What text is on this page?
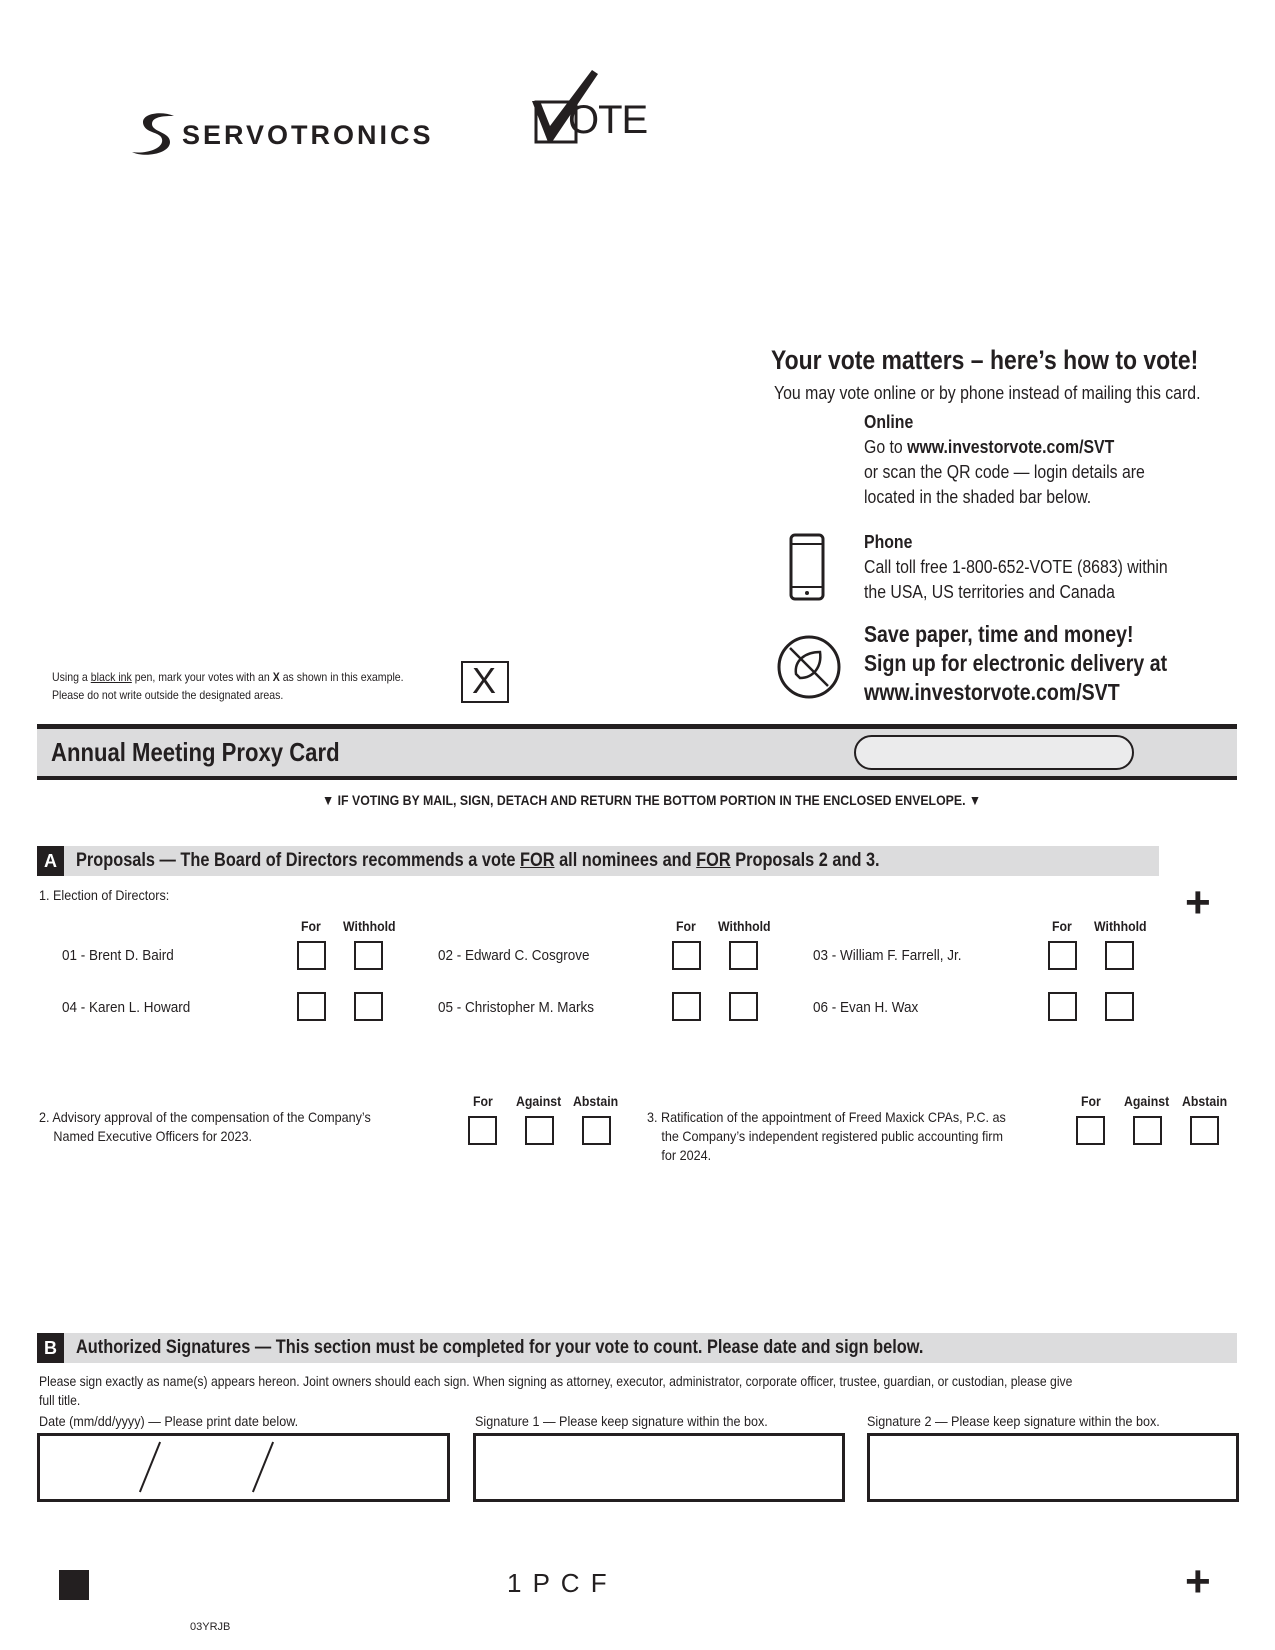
SERVOTRONICS	OTE
Your vote matters – here’s how to vote!
You may vote online or by phone instead of mailing this card.
Online
Go to www.investorvote.com/SVT
or scan the QR code — login details are
located in the shaded bar below.
Phone
Call toll free 1-800-652-VOTE (8683) within
the USA, US territories and Canada
Save paper, time and money!
Sign up for electronic delivery at
www.investorvote.com/SVT
Using a black ink pen, mark your votes with an X as shown in this example.
Please do not write outside the designated areas.	X
Annual Meeting Proxy Card
▼ IF VOTING BY MAIL, SIGN, DETACH AND RETURN THE BOTTOM PORTION IN THE ENCLOSED ENVELOPE. ▼
A	Proposals — The Board of Directors recommends a vote FOR all nominees and FOR Proposals 2 and 3.
+
1. Election of Directors:
For Withhold	For Withhold	For Withhold
01 - Brent D. Baird	02 - Edward C. Cosgrove	03 - William F. Farrell, Jr.
04 - Karen L. Howard	05 - Christopher M. Marks	06 - Evan H. Wax
2. Advisory approval of the compensation of the Company’s
Named Executive Officers for 2023.
For Against Abstain
3. Ratification of the appointment of Freed Maxick CPAs, P.C. as
the Company’s independent registered public accounting firm
for 2024.
For Against Abstain
B	Authorized Signatures — This section must be completed for your vote to count. Please date and sign below.
Please sign exactly as name(s) appears hereon. Joint owners should each sign. When signing as attorney, executor, administrator, corporate officer, trustee, guardian, or custodian, please give
full title.
Date (mm/dd/yyyy) — Please print date below.	Signature 1 — Please keep signature within the box.	Signature 2 — Please keep signature within the box.
1 P C F	+
03YRJB
